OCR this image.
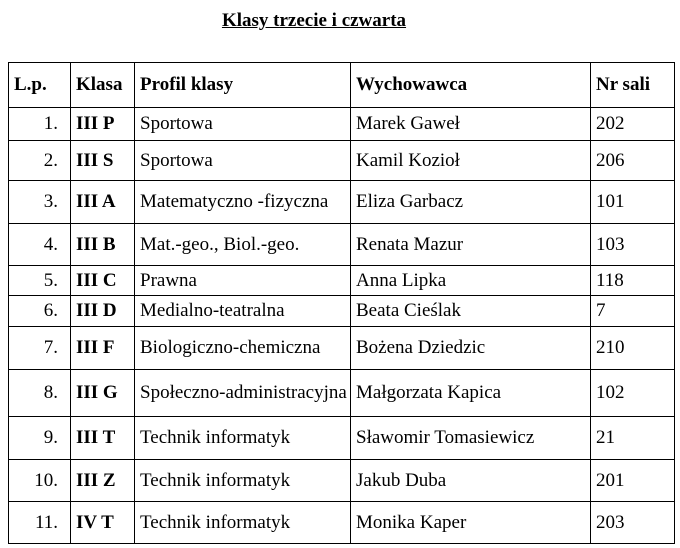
Klasy trzecie i czwarta
L.p.	Klasa	Profil klasy	Wychowawca	Nr sali
1.	III P	Sportowa	Marek Gaweł	202
2.	III S	Sportowa	Kamil Kozioł	206
3.	III A	Matematyczno -fizyczna	Eliza Garbacz	101
4.	III B	Mat.-geo., Biol.-geo.	Renata Mazur	103
5.	III C	Prawna	Anna Lipka	118
6.	III D	Medialno-teatralna	Beata Cieślak	7
7.	III F	Biologiczno-chemiczna	Bożena Dziedzic	210
8.	III G	Społeczno-administracyjna	Małgorzata Kapica	102
9.	III T	Technik informatyk	Sławomir Tomasiewicz	21
10.	III Z	Technik informatyk	Jakub Duba	201
11.	IV T	Technik informatyk	Monika Kaper	203
